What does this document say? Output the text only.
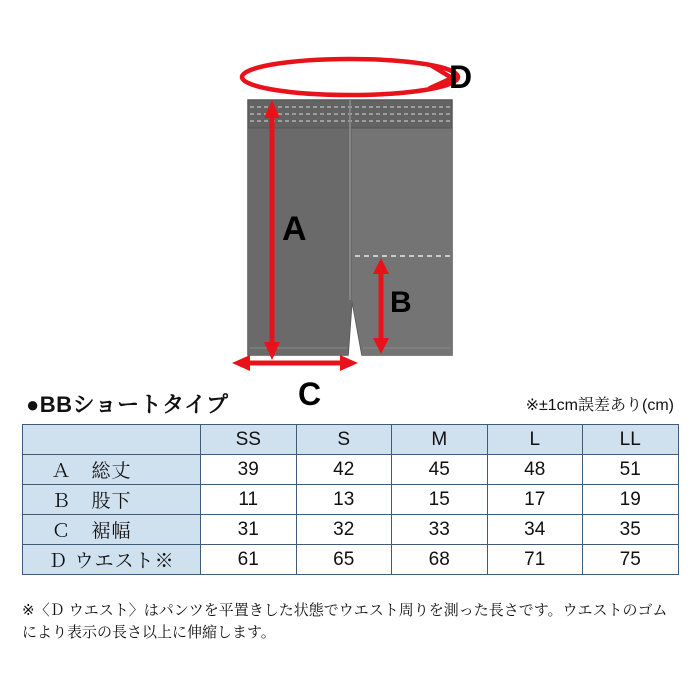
A
B
C
D
●BBショートタイプ	※±1cm誤差あり(cm)
	SS	S	M	L	LL
Ａ　総丈	39	42	45	48	51
Ｂ　股下	11	13	15	17	19
Ｃ　裾幅	31	32	33	34	35
Ｄ ウエスト※	61	65	68	71	75
※〈Ｄ ウエスト〉はパンツを平置きした状態でウエスト周りを測った長さです。ウエストのゴムにより表示の長さ以上に伸縮します。
